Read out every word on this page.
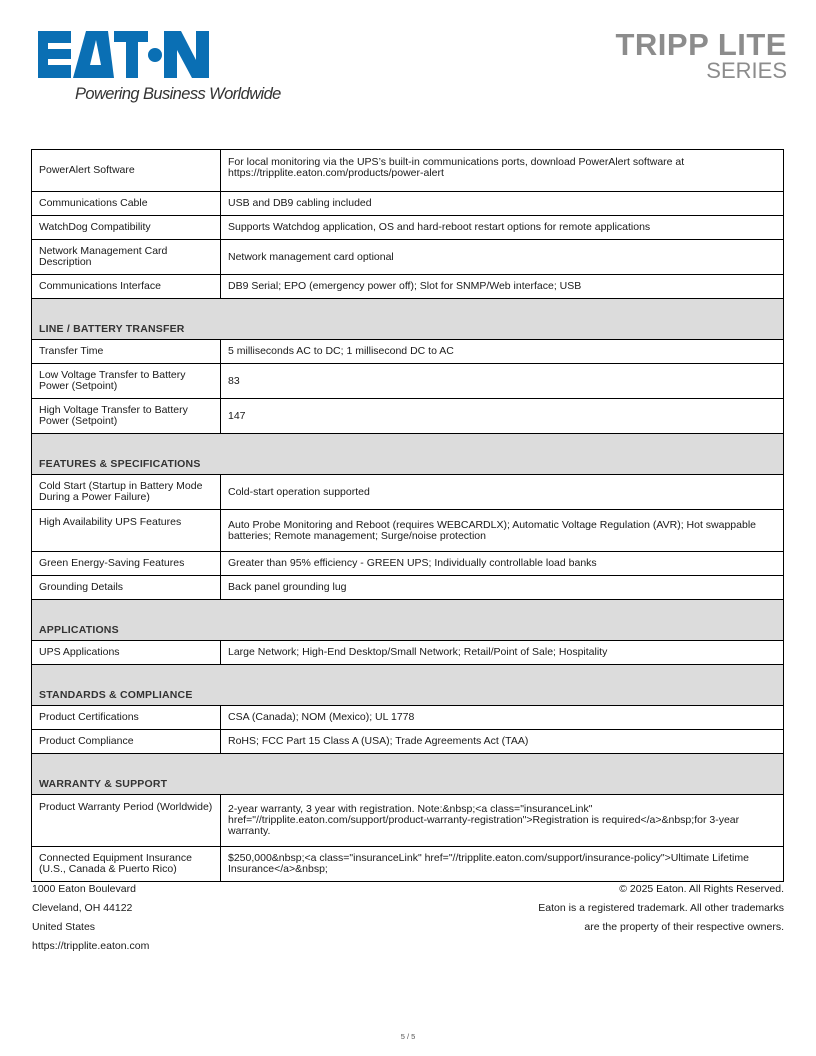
Powering Business Worldwide
TRIPP LITE
SERIES
PowerAlert Software	For local monitoring via the UPS’s built-in communications ports, download PowerAlert software at https://tripplite.eaton.com/products/power-alert
Communications Cable	USB and DB9 cabling included
WatchDog Compatibility	Supports Watchdog application, OS and hard-reboot restart options for remote applications
Network Management Card Description	Network management card optional
Communications Interface	DB9 Serial; EPO (emergency power off); Slot for SNMP/Web interface; USB
LINE / BATTERY TRANSFER	
Transfer Time	5 milliseconds AC to DC; 1 millisecond DC to AC
Low Voltage Transfer to Battery Power (Setpoint)	83
High Voltage Transfer to Battery Power (Setpoint)	147
FEATURES & SPECIFICATIONS	
Cold Start (Startup in Battery Mode During a Power Failure)	Cold-start operation supported
High Availability UPS Features	Auto Probe Monitoring and Reboot (requires WEBCARDLX); Automatic Voltage Regulation (AVR); Hot swappable batteries; Remote management; Surge/noise protection
Green Energy-Saving Features	Greater than 95% efficiency - GREEN UPS; Individually controllable load banks
Grounding Details	Back panel grounding lug
APPLICATIONS	
UPS Applications	Large Network; High-End Desktop/Small Network; Retail/Point of Sale; Hospitality
STANDARDS & COMPLIANCE	
Product Certifications	CSA (Canada); NOM (Mexico); UL 1778
Product Compliance	RoHS; FCC Part 15 Class A (USA); Trade Agreements Act (TAA)
WARRANTY & SUPPORT	
Product Warranty Period (Worldwide)	2-year warranty, 3 year with registration. Note:&nbsp;<a class="insuranceLink" href="//tripplite.eaton.com/support/product-warranty-registration">Registration is required</a>&nbsp;for 3-year warranty.
Connected Equipment Insurance (U.S., Canada & Puerto Rico)	$250,000&nbsp;<a class="insuranceLink" href="//tripplite.eaton.com/support/insurance-policy">Ultimate Lifetime Insurance</a>&nbsp;
1000 Eaton Boulevard
Cleveland, OH 44122
United States
https://tripplite.eaton.com
© 2025 Eaton. All Rights Reserved.
Eaton is a registered trademark. All other trademarks
are the property of their respective owners.
5 / 5
